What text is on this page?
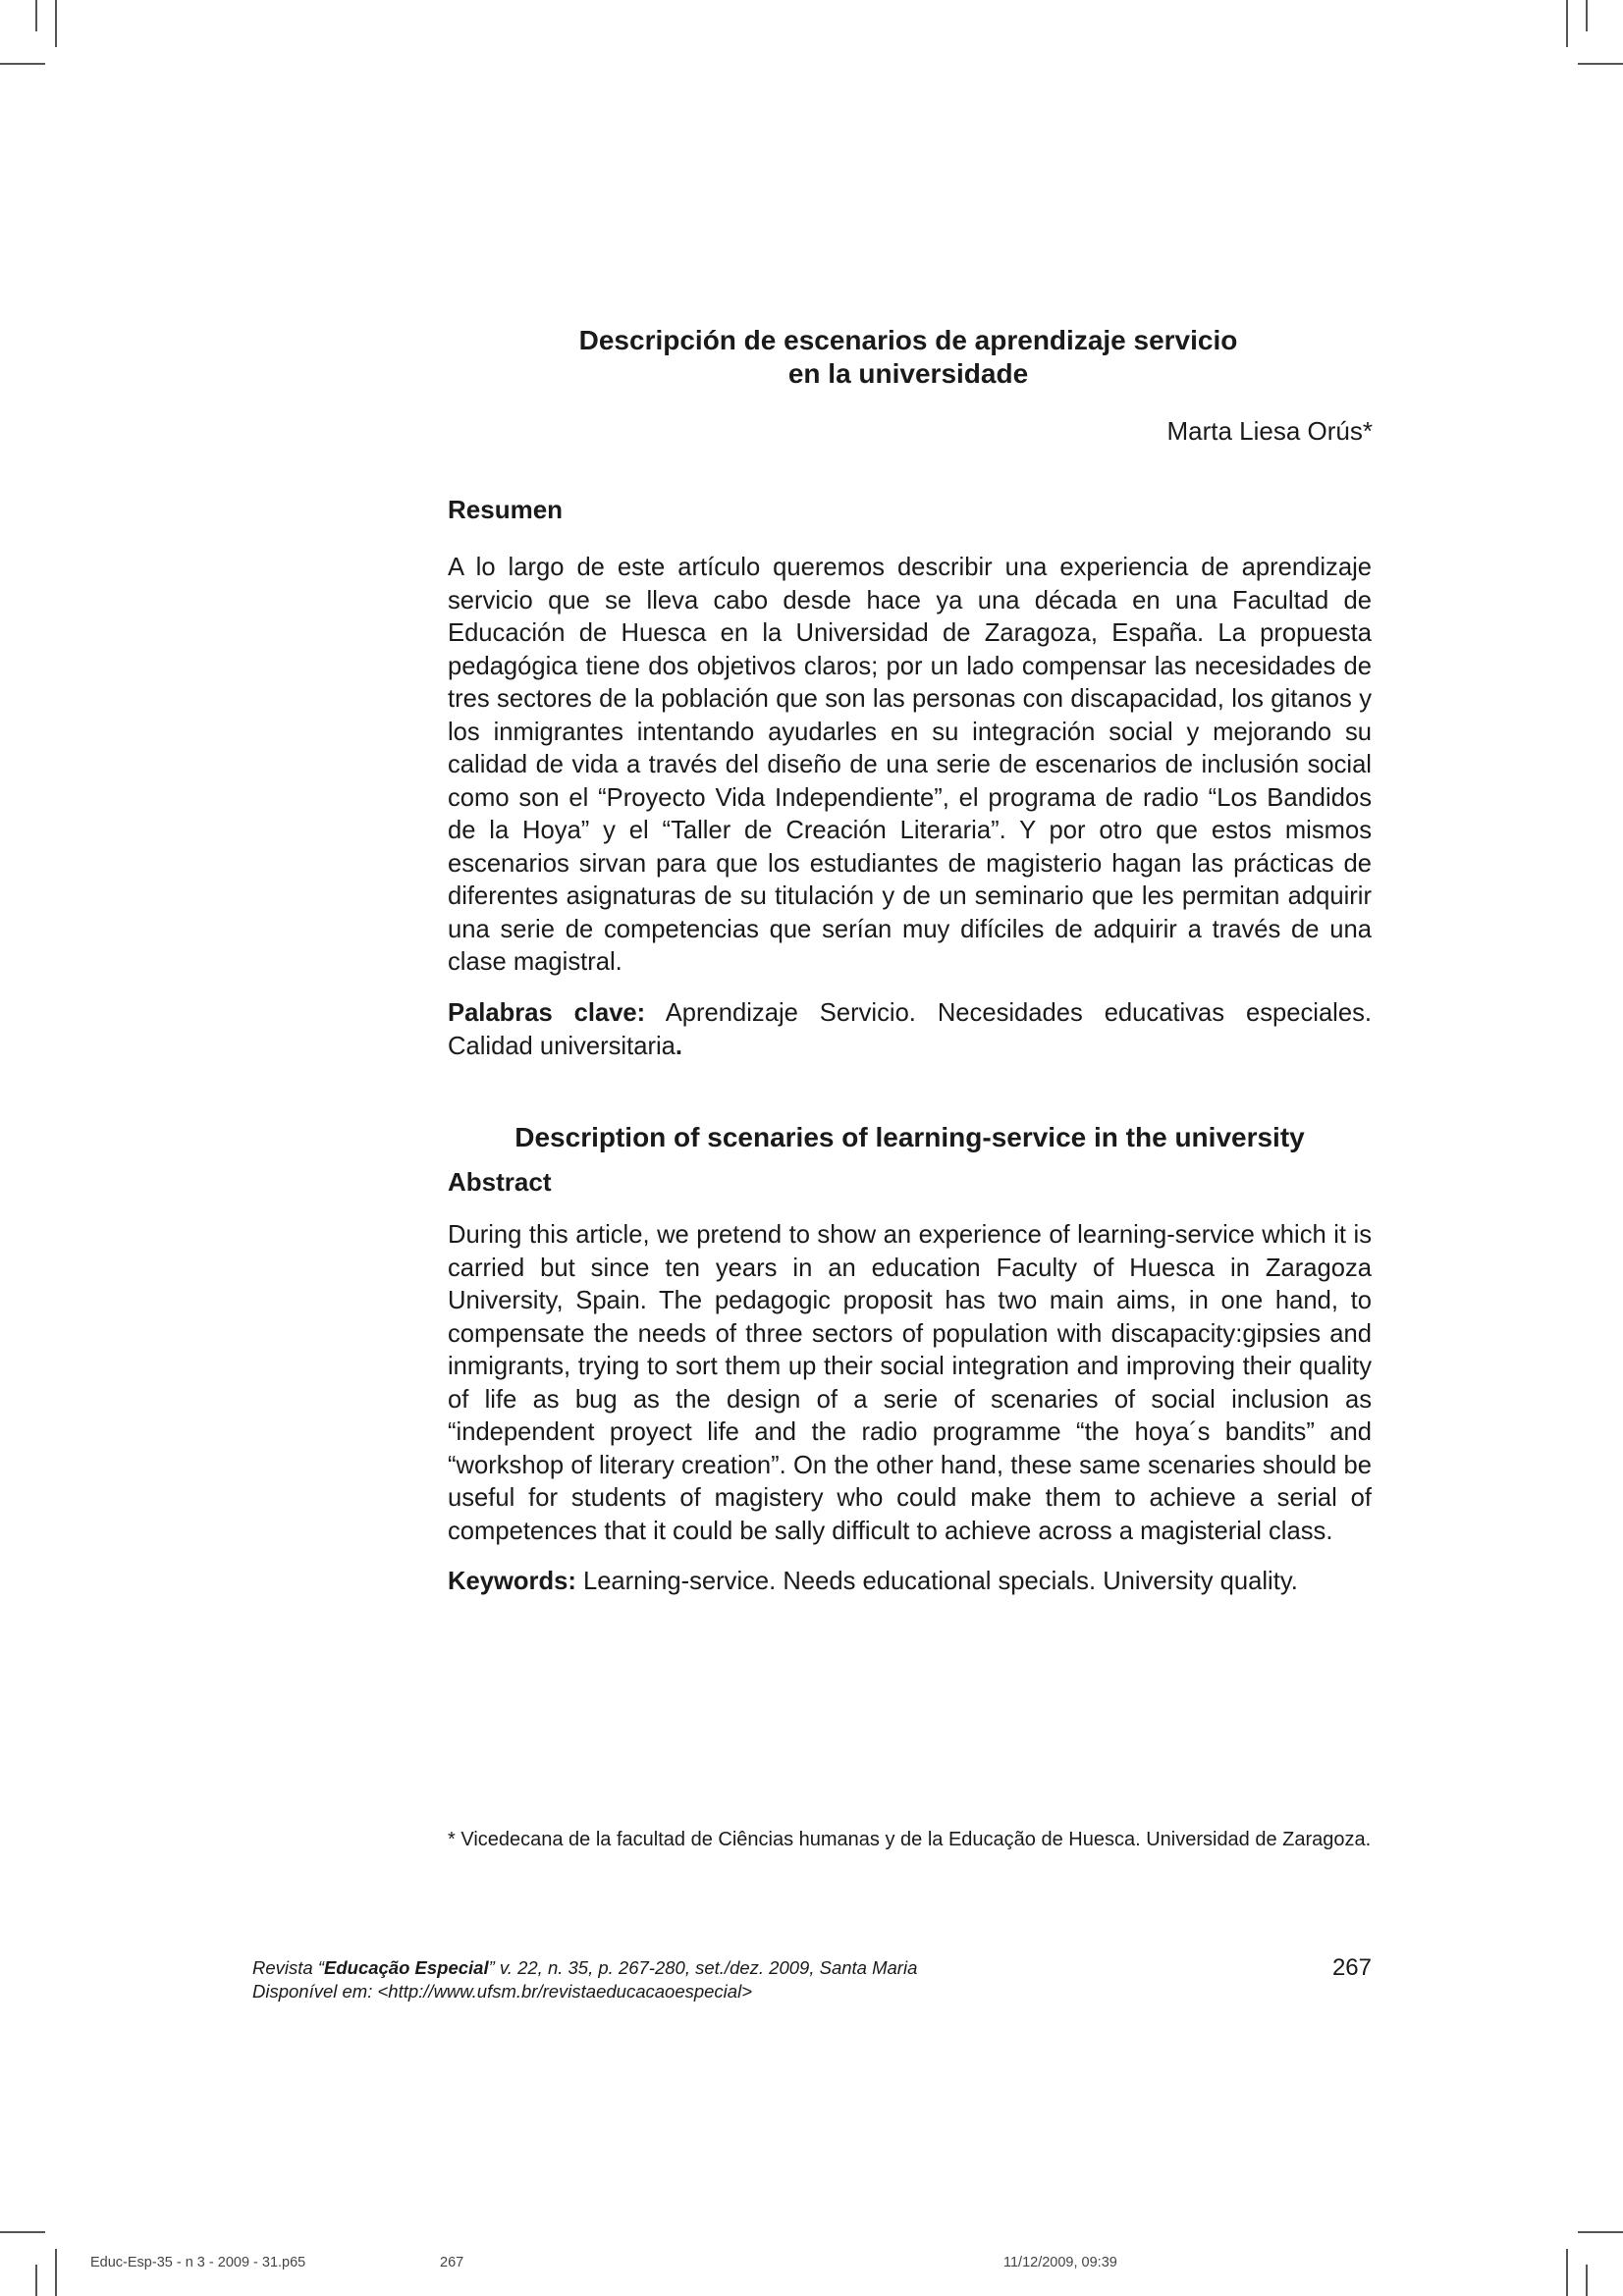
Descripción de escenarios de aprendizaje servicio
en la universidade
Marta Liesa Orús*
Resumen
A lo largo de este artículo queremos describir una experiencia de aprendizaje servicio que se lleva cabo desde hace ya una década en una Facultad de Educación de Huesca en la Universidad de Zaragoza, España. La propuesta pedagógica tiene dos objetivos claros; por un lado compensar las necesidades de tres sectores de la población que son las personas con discapacidad, los gitanos y los inmigrantes intentando ayudarles en su integración social y mejorando su calidad de vida a través del diseño de una serie de escenarios de inclusión social como son el “Proyecto Vida Independiente”, el programa de radio “Los Bandidos de la Hoya” y el “Taller de Creación Literaria”. Y por otro que estos mismos escenarios sirvan para que los estudiantes de magisterio hagan las prácticas de diferentes asignaturas de su titulación y de un seminario que les permitan adquirir una serie de competencias que serían muy difíciles de adquirir a través de una clase magistral.
Palabras clave: Aprendizaje Servicio. Necesidades educativas especiales. Calidad universitaria.
Description of scenaries of learning-service in the university
Abstract
During this article, we pretend to show an experience of learning-service which it is carried but since ten years in an education Faculty of Huesca in Zaragoza University, Spain. The pedagogic proposit has two main aims, in one hand, to compensate the needs of three sectors of population with discapacity:gipsies and inmigrants, trying to sort them up their social integration and improving their quality of life as bug as the design of a serie of scenaries of social inclusion as “independent proyect life and the radio programme “the hoya´s bandits” and “workshop of literary creation”. On the other hand, these same scenaries should be useful for students of magistery who could make them to achieve a serial of competences that it could be sally difficult to achieve across a magisterial class.
Keywords: Learning-service. Needs educational specials. University quality.
* Vicedecana de la facultad de Ciências humanas y de la Educação de Huesca. Universidad de Zaragoza.
Revista “Educação Especial” v. 22, n. 35, p. 267-280, set./dez. 2009, Santa Maria
Disponível em: <http://www.ufsm.br/revistaeducacaoespecial>
267
Educ-Esp-35 - n 3 - 2009 - 31.p65	267	11/12/2009, 09:39
